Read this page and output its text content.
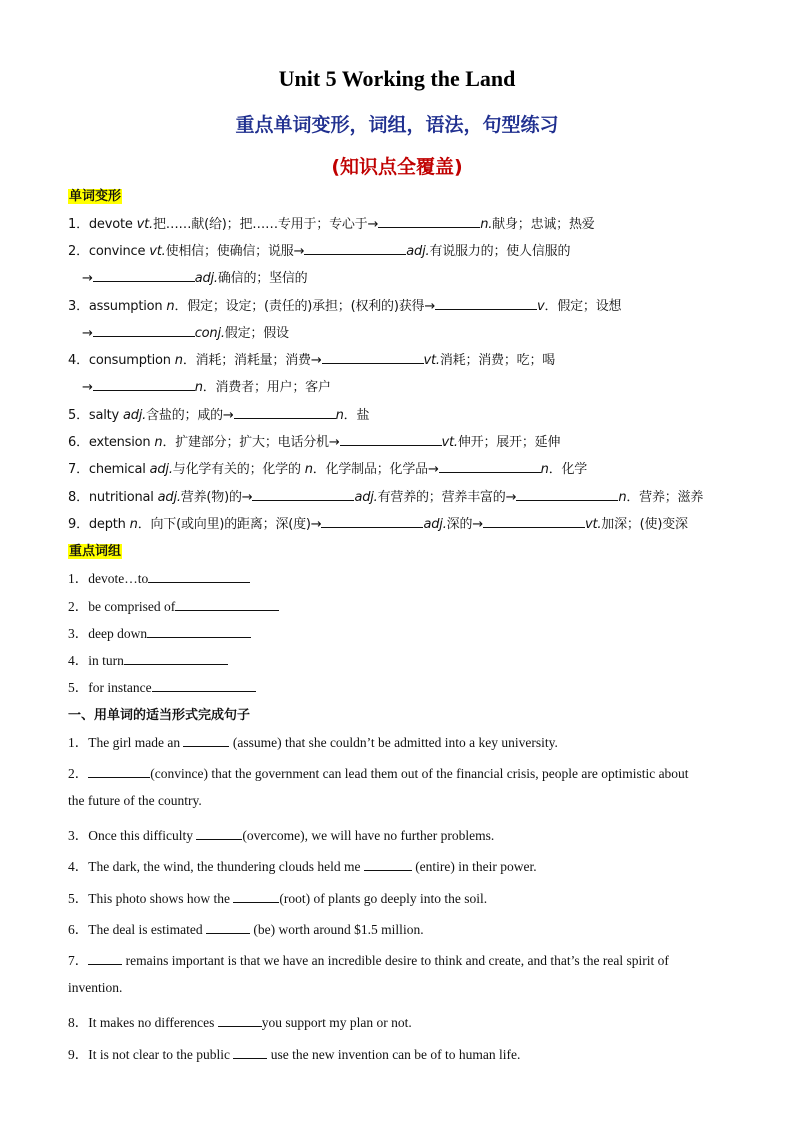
Unit 5 Working the Land
重点单词变形，词组，语法，句型练习
(知识点全覆盖)
单词变形
1．devote vt.把……献(给)；把……专用于；专心于→	n.献身；忠诚；热爱
2．convince vt.使相信；使确信；说服→	adj.有说服力的；使人信服的
→	adj.确信的；坚信的
3．assumption n．假定；设定；(责任的)承担；(权利的)获得→	v．假定；设想
→	conj.假定；假设
4．consumption n．消耗；消耗量；消费→	vt.消耗；消费；吃；喝
→	n．消费者；用户；客户
5．salty adj.含盐的；咸的→	n．盐
6．extension n．扩建部分；扩大；电话分机→	vt.伸开；展开；延伸
7．chemical adj.与化学有关的；化学的 n．化学制品；化学品→	n．化学
8．nutritional adj.营养(物)的→	adj.有营养的；营养丰富的→	n．营养；滋养
9．depth n．向下(或向里)的距离；深(度)→	adj.深的→	vt.加深；(使)变深
重点词组
1．devote…to
2．be comprised of
3．deep down
4．in turn
5．for instance
一、用单词的适当形式完成句子
1．The girl made an	(assume) that she couldn’t be admitted into a key university.
2．	(convince) that the government can lead them out of the financial crisis, people are optimistic about
the future of the country.
3．Once this difficulty	(overcome), we will have no further problems.
4．The dark, the wind, the thundering clouds held me	(entire) in their power.
5．This photo shows how the	(root) of plants go deeply into the soil.
6．The deal is estimated	(be) worth around $1.5 million.
7．	remains important is that we have an incredible desire to think and create, and that’s the real spirit of
invention.
8．It makes no differences	you support my plan or not.
9．It is not clear to the public	use the new invention can be of to human life.
